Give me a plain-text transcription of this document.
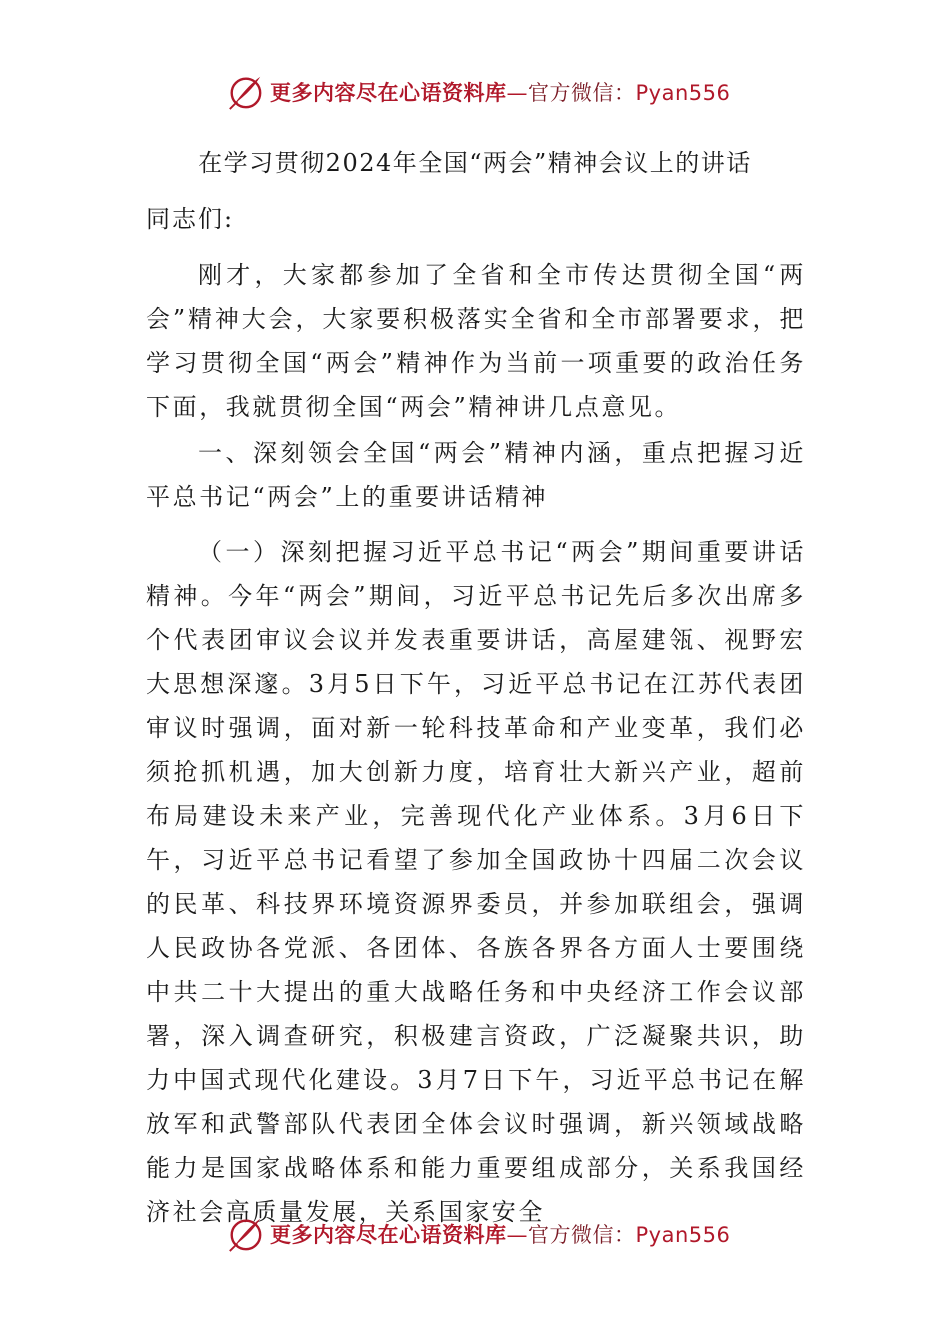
更多内容尽在心语资料库—官方微信：Pyan556
在学习贯彻2024年全国“两会”精神会议上的讲话
同志们:

刚才，大家都参加了全省和全市传达贯彻全国“两会”精神大会，大家要积极落实全省和全市部署要求，把学习贯彻全国“两会”精神作为当前一项重要的政治任务下面，我就贯彻全国“两会”精神讲几点意见。

一、深刻领会全国“两会”精神内涵，重点把握习近平总书记“两会”上的重要讲话精神

（一）深刻把握习近平总书记“两会”期间重要讲话精神。今年“两会”期间，习近平总书记先后多次出席多个代表团审议会议并发表重要讲话，高屋建瓴、视野宏大思想深邃。3月5日下午，习近平总书记在江苏代表团审议时强调，面对新一轮科技革命和产业变革，我们必须抢抓机遇，加大创新力度，培育壮大新兴产业，超前布局建设未来产业，完善现代化产业体系。3月6日下午，习近平总书记看望了参加全国政协十四届二次会议的民革、科技界环境资源界委员，并参加联组会，强调人民政协各党派、各团体、各族各界各方面人士要围绕中共二十大提出的重大战略任务和中央经济工作会议部署，深入调查研究，积极建言资政，广泛凝聚共识，助力中国式现代化建设。3月7日下午，习近平总书记在解放军和武警部队代表团全体会议时强调，新兴领域战略能力是国家战略体系和能力重要组成部分，关系我国经济社会高质量发展，关系国家安全

更多内容尽在心语资料库—官方微信：Pyan556
